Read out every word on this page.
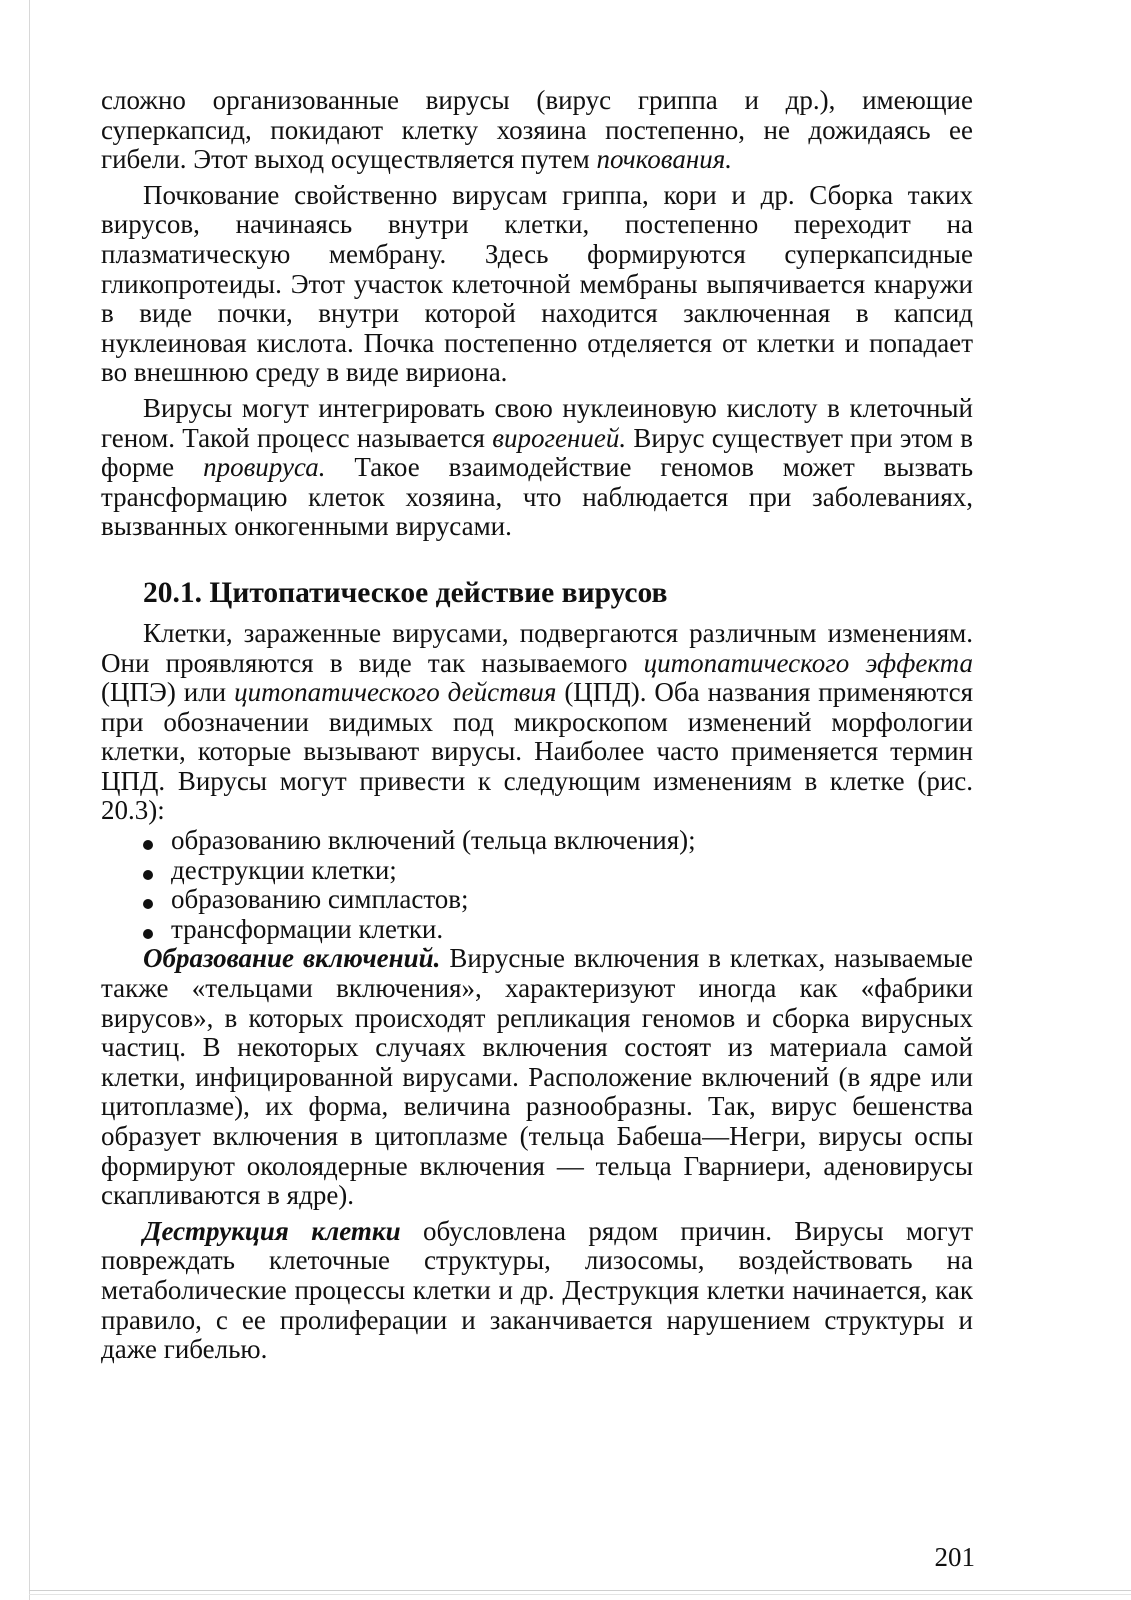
сложно организованные вирусы (вирус гриппа и др.), имеющие суперкапсид, покидают клетку хозяина постепенно, не дожидаясь ее гибели. Этот выход осуществляется путем почкования.

Почкование свойственно вирусам гриппа, кори и др. Сборка таких вирусов, начинаясь внутри клетки, постепенно переходит на плазматическую мембрану. Здесь формируются суперкапсидные гликопротеиды. Этот участок клеточной мембраны выпячивается кнаружи в виде почки, внутри которой находится заключенная в капсид нуклеиновая кислота. Почка постепенно отделяется от клетки и попадает во внешнюю среду в виде вириона.

Вирусы могут интегрировать свою нуклеиновую кислоту в клеточный геном. Такой процесс называется вирогенией. Вирус существует при этом в форме провируса. Такое взаимодействие геномов может вызвать трансформацию клеток хозяина, что наблюдается при заболеваниях, вызванных онкогенными вирусами.

20.1. Цитопатическое действие вирусов

Клетки, зараженные вирусами, подвергаются различным изменениям. Они проявляются в виде так называемого цитопатического эффекта (ЦПЭ) или цитопатического действия (ЦПД). Оба названия применяются при обозначении видимых под микроскопом изменений морфологии клетки, которые вызывают вирусы. Наиболее часто применяется термин ЦПД. Вирусы могут привести к следующим изменениям в клетке (рис. 20.3):

образованию включений (тельца включения);
деструкции клетки;
образованию симпластов;
трансформации клетки.

Образование включений. Вирусные включения в клетках, называемые также «тельцами включения», характеризуют иногда как «фабрики вирусов», в которых происходят репликация геномов и сборка вирусных частиц. В некоторых случаях включения состоят из материала самой клетки, инфицированной вирусами. Расположение включений (в ядре или цитоплазме), их форма, величина разнообразны. Так, вирус бешенства образует включения в цитоплазме (тельца Бабеша—Негри, вирусы оспы формируют околоядерные включения — тельца Гварниери, аденовирусы скапливаются в ядре).

Деструкция клетки обусловлена рядом причин. Вирусы могут повреждать клеточные структуры, лизосомы, воздействовать на метаболические процессы клетки и др. Деструкция клетки начинается, как правило, с ее пролиферации и заканчивается нарушением структуры и даже гибелью.

201
